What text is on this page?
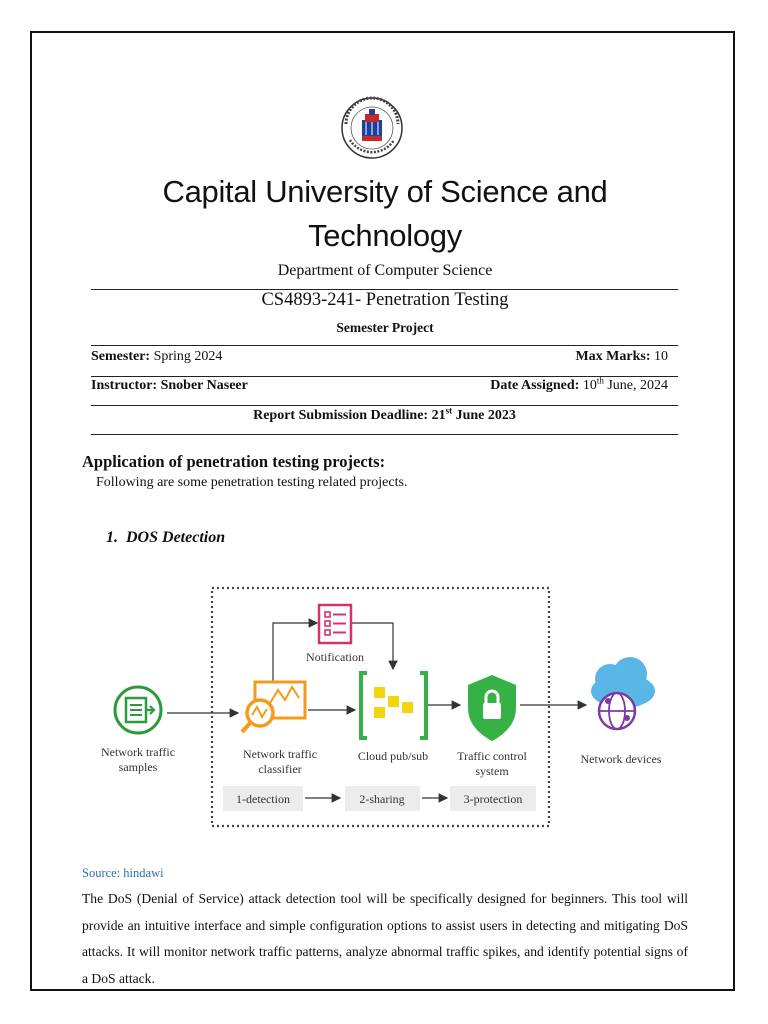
Capital University of Science and Technology
Department of Computer Science
CS4893-241- Penetration Testing
Semester Project
Semester: Spring 2024	Max Marks: 10
Instructor: Snober Naseer	Date Assigned: 10th June, 2024
Report Submission Deadline: 21st June 2023
Application of penetration testing projects:
Following are some penetration testing related projects.
1. DOS Detection
Network traffic
samples
Notification
Network traffic
classifier
Cloud pub/sub Traffic control
system
Network devices
1-detection	2-sharing	3-protection
Source: hindawi

The DoS (Denial of Service) attack detection tool will be specifically designed for beginners. This tool will provide an intuitive interface and simple configuration options to assist users in detecting and mitigating DoS attacks. It will monitor network traffic patterns, analyze abnormal traffic spikes, and identify potential signs of a DoS attack.
